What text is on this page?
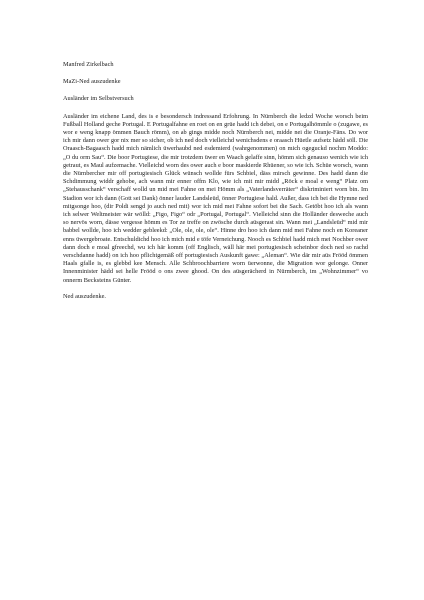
Manfred Zirkelbach

MaZi-Ned auszudenke

Ausländer im Selbstversuch

Ausländer im eichene Land, des is e besondersch indressand Erfohrung. In Nürnberch die ledzd Woche worsch beim Fußball Holland geche Portugal. E Portugalfahne en roet on en grüe hadd ich debei, on e Portugalhömmle o (zugawe, es wor e weng knapp ömmen Bauch römm), on ab gings midde noch Nürnberch nei, midde nei die Oranje-Fäns. Do wor ich mir dann ower gor nix mer so sicher, ob ich ned doch vielleichd wenichsdens e oraasch Hüetle aufsetz hädd söll. Die Oraasch-Bagaasch hadd mich nämlich üwerhaubd ned esdemierd (wahrgenommen) on mich ogeguckd nochm Moddo: „O du orm Sau“. Die boor Portugiese, die mir trotzdem üwer en Waach gelaffe sinn, hömm sich genauso wenich wie ich getraut, es Maul aufzemache. Vielleichd worn des ower auch e boor maskierde Rhüener, so wie ich. Schüe worsch, wann die Nürnbercher mir off portugiesisch Glück wünsch wollde fürs Schbiel, däss mirsch gewinne. Des hadd dann die Schdimmung widdr gehobe, ach wann mir enner offm Klo, wie ich mit mir midd „Röck e moal e weng“ Platz om „Stehausschank“ verschaff wolld un mid mei Fahne on mei Hömm als „Vaterlandsverräter“ diskriminiert worn bin. Im Stadion wor ich dann (Gott sei Dank) önner lauder Landsleüd, önner Portugiese hald. Außer, dass ich bei die Hymne ned mitgsonge hoo, (dir Poldi sengd jo auch ned mit) wor ich mid mei Fahne sofort bei die Sach. Getöbt hoo ich als wann ich selwer Weltmeister wär wölld: „Figo, Figo“ odr „Portugal, Portugal“. Vielleichd sinn die Holländer desweche auch so nervös worn, dässe vergesse hömm es Tor ze treffe on zwösche durch aüsgerast sin. Wann mei „Landsleüd“ mid mir babbel wollde, hoo ich wedder gebleekd: „Ole, ole, ole, ole“. Hinne dro hoo ich dann mid mei Fahne noch en Koreaner enns üwergebroate. Entschuldichd hoo ich mich mid e töfe Verneichung. Nooch es Schbiel hadd mich mei Nochber ower dann doch e moal gfreechd, wu ich här komm (off Englisch, wäll här mei portugiesisch scheinbor doch ned so rachd verschdanne hadd) on ich hoo pflichtgemäß off portugiesisch Auskunft gawe: „Aleman“. Wie där mir aüs Frööd ömmen Haals gfalle is, es glebbd kee Mensch. Alle Schbroochbarriere worn üerwonne, die Migration wor gelonge. Onner Innenminister hädd sei helle Frööd o ons zwee ghood. On des aüsgerächerd in Nürmberch, im „Wohnzimmer“ vo onnerm Becksteins Günter.

Ned auszudenke.
